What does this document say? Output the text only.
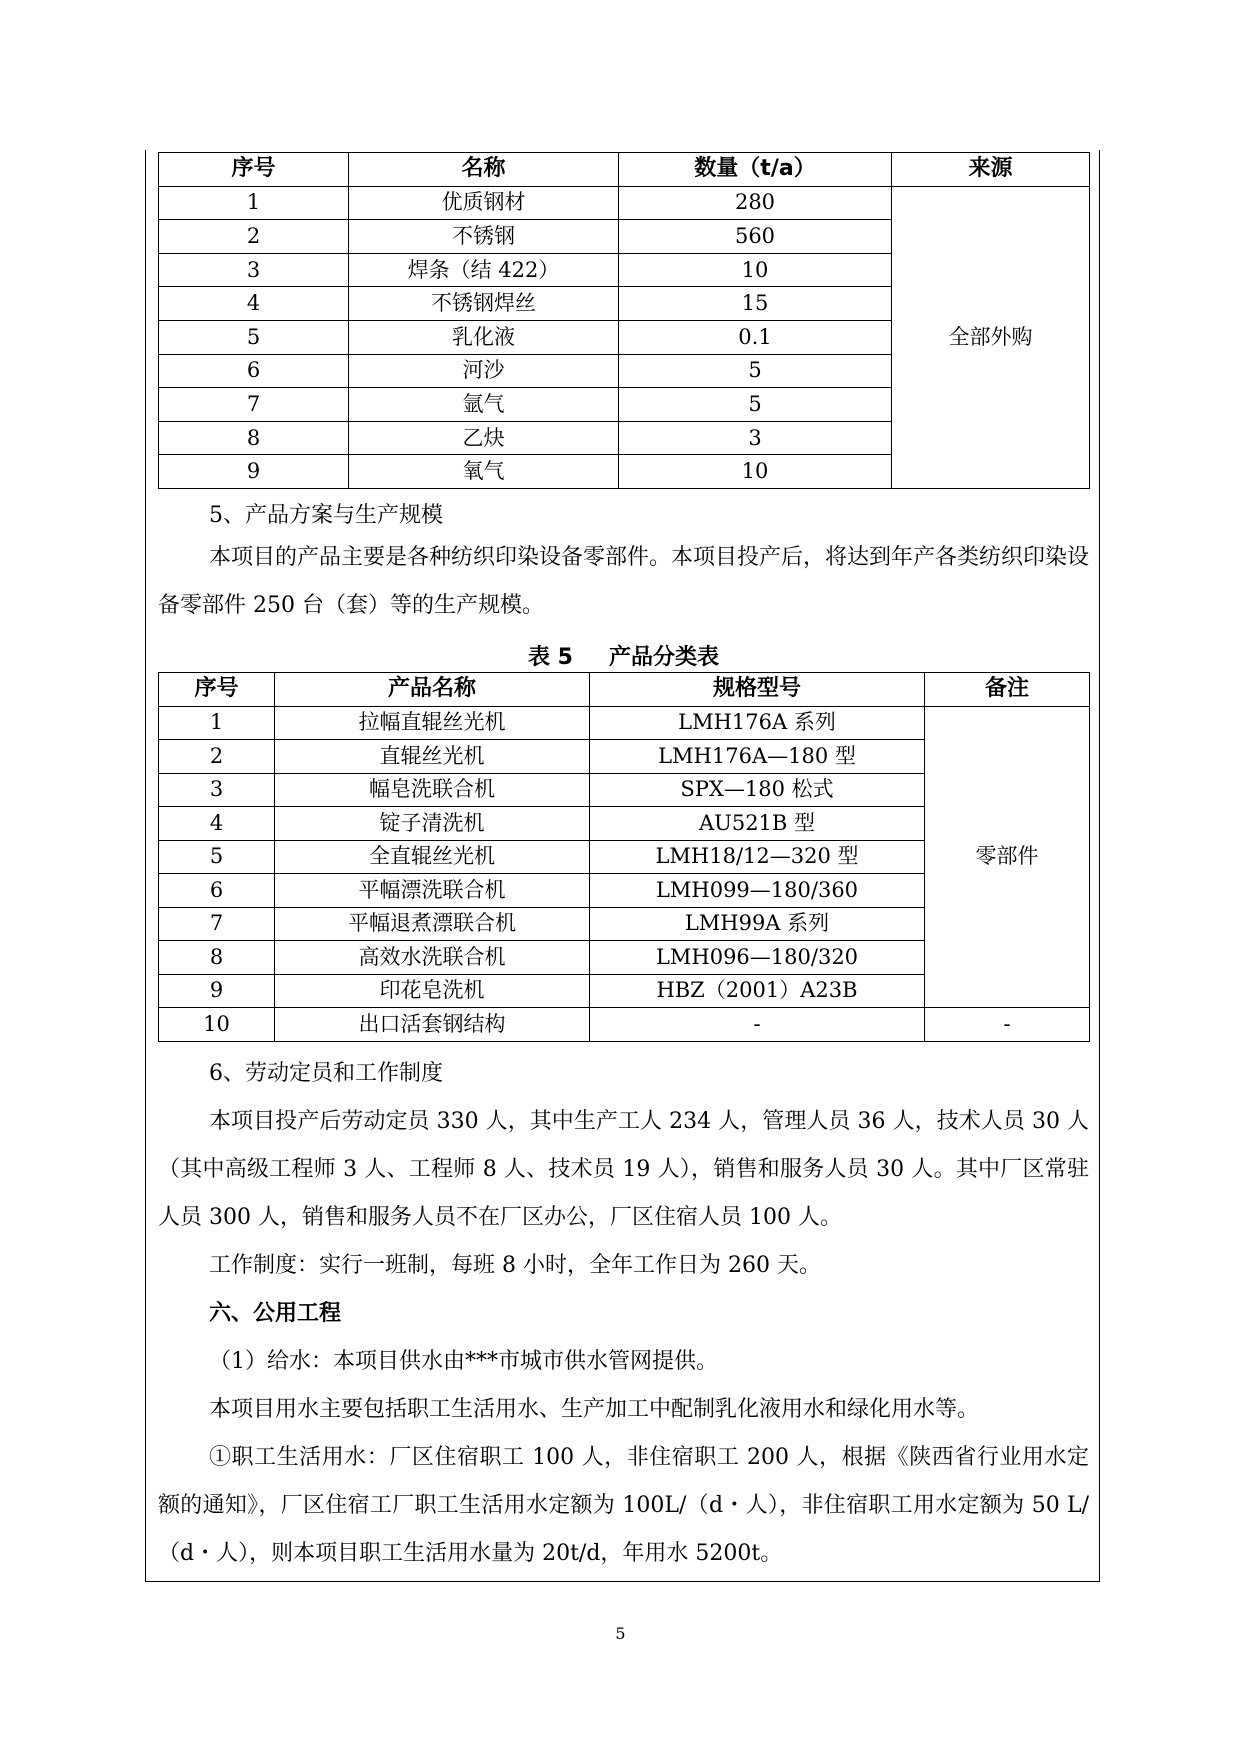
序号	名称	数量（t/a）	来源
1	优质钢材	280	全部外购
2	不锈钢	560	
3	焊条（结 422）	10	
4	不锈钢焊丝	15	
5	乳化液	0.1	
6	河沙	5	
7	氩气	5	
8	乙炔	3	
9	氧气	10	

5、产品方案与生产规模

本项目的产品主要是各种纺织印染设备零部件。本项目投产后，将达到年产各类纺织印染设备零部件 250 台（套）等的生产规模。

表 5 产品分类表
序号	产品名称	规格型号	备注
1	拉幅直辊丝光机	LMH176A 系列	零部件
2	直辊丝光机	LMH176A—180 型	
3	幅皂洗联合机	SPX—180 松式	
4	锭子清洗机	AU521B 型	
5	全直辊丝光机	LMH18/12—320 型	
6	平幅漂洗联合机	LMH099—180/360	
7	平幅退煮漂联合机	LMH99A 系列	
8	高效水洗联合机	LMH096—180/320	
9	印花皂洗机	HBZ（2001）A23B	
10	出口活套钢结构	-	-

6、劳动定员和工作制度

本项目投产后劳动定员 330 人，其中生产工人 234 人，管理人员 36 人，技术人员 30 人（其中高级工程师 3 人、工程师 8 人、技术员 19 人），销售和服务人员 30 人。其中厂区常驻人员 300 人，销售和服务人员不在厂区办公，厂区住宿人员 100 人。

工作制度：实行一班制，每班 8 小时，全年工作日为 260 天。

六、公用工程

（1）给水：本项目供水由***市城市供水管网提供。

本项目用水主要包括职工生活用水、生产加工中配制乳化液用水和绿化用水等。

①职工生活用水：厂区住宿职工 100 人，非住宿职工 200 人，根据《陕西省行业用水定额的通知》，厂区住宿工厂职工生活用水定额为 100L/（d・人），非住宿职工用水定额为 50 L/（d・人），则本项目职工生活用水量为 20t/d，年用水 5200t。

5
